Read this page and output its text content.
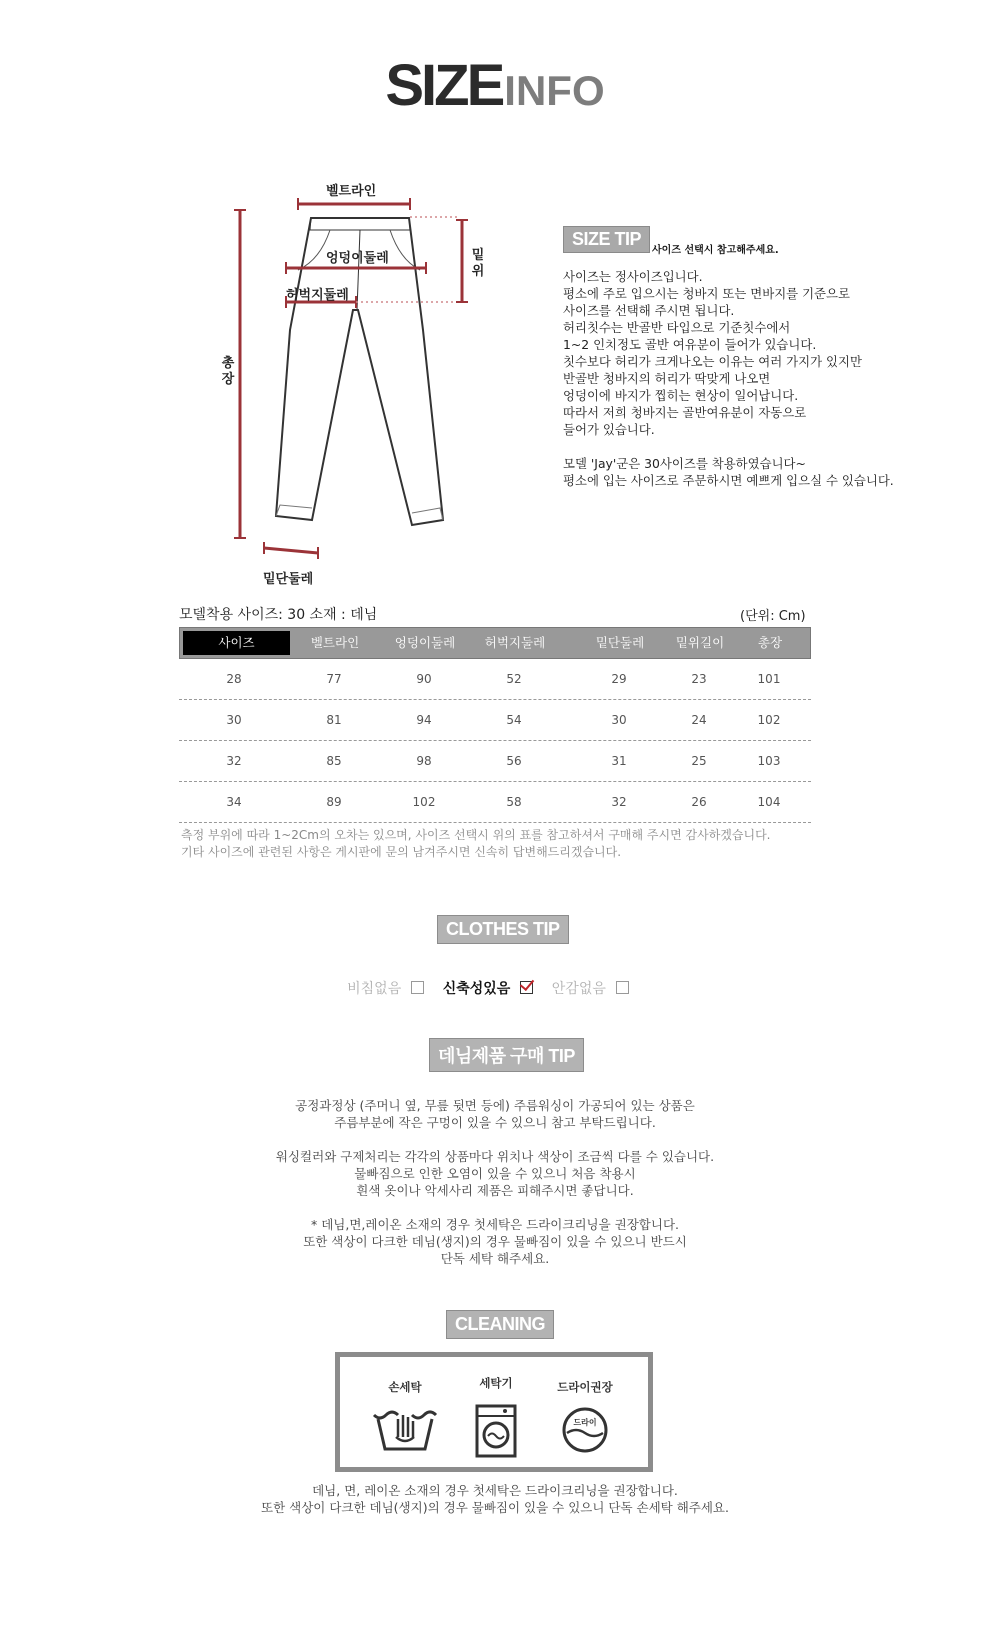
SIZEINFO
벨트라인
엉덩이둘레
허벅지둘레
밑
위
총
장
밑단둘레
SIZE TIP
사이즈 선택시 참고해주세요.
사이즈는 정사이즈입니다.
평소에 주로 입으시는 청바지 또는 면바지를 기준으로
사이즈를 선택해 주시면 됩니다.
허리칫수는 반골반 타입으로 기준칫수에서
1~2 인치정도 골반 여유분이 들어가 있습니다.
칫수보다 허리가 크게나오는 이유는 여러 가지가 있지만
반골반 청바지의 허리가 딱맞게 나오면
엉덩이에 바지가 찝히는 현상이 일어납니다.
따라서 저희 청바지는 골반여유분이 자동으로
들어가 있습니다.
모델 'Jay'군은 30사이즈를 착용하였습니다~
평소에 입는 사이즈로 주문하시면 예쁘게 입으실 수 있습니다.
모델착용 사이즈: 30 소재 : 데님	(단위: Cm)
사이즈	벨트라인	엉덩이둘레	허벅지둘레	밑단둘레	밑위길이	총장
28	77	90	52	29	23	101
30	81	94	54	30	24	102
32	85	98	56	31	25	103
34	89	102	58	32	26	104
측정 부위에 따라 1~2Cm의 오차는 있으며, 사이즈 선택시 위의 표를 참고하셔서 구매해 주시면 감사하겠습니다.
기타 사이즈에 관련된 사항은 게시판에 문의 남겨주시면 신속히 답변해드리겠습니다.
CLOTHES TIP
비침없음	신축성있음	안감없음
데님제품 구매 TIP
공정과정상 (주머니 옆, 무릎 뒷면 등에) 주름워싱이 가공되어 있는 상품은
주름부분에 작은 구멍이 있을 수 있으니 참고 부탁드립니다.
워싱컬러와 구제처리는 각각의 상품마다 위치나 색상이 조금씩 다를 수 있습니다.
물빠짐으로 인한 오염이 있을 수 있으니 처음 착용시
흰색 옷이나 악세사리 제품은 피해주시면 좋답니다.
* 데님,면,레이온 소재의 경우 첫세탁은 드라이크리닝을 권장합니다.
또한 색상이 다크한 데님(생지)의 경우 물빠짐이 있을 수 있으니 반드시
단독 세탁 해주세요.
CLEANING
손세탁	세탁기	드라이권장
드라이
데님, 면, 레이온 소재의 경우 첫세탁은 드라이크리닝을 권장합니다.
또한 색상이 다크한 데님(생지)의 경우 물빠짐이 있을 수 있으니 단독 손세탁 해주세요.
